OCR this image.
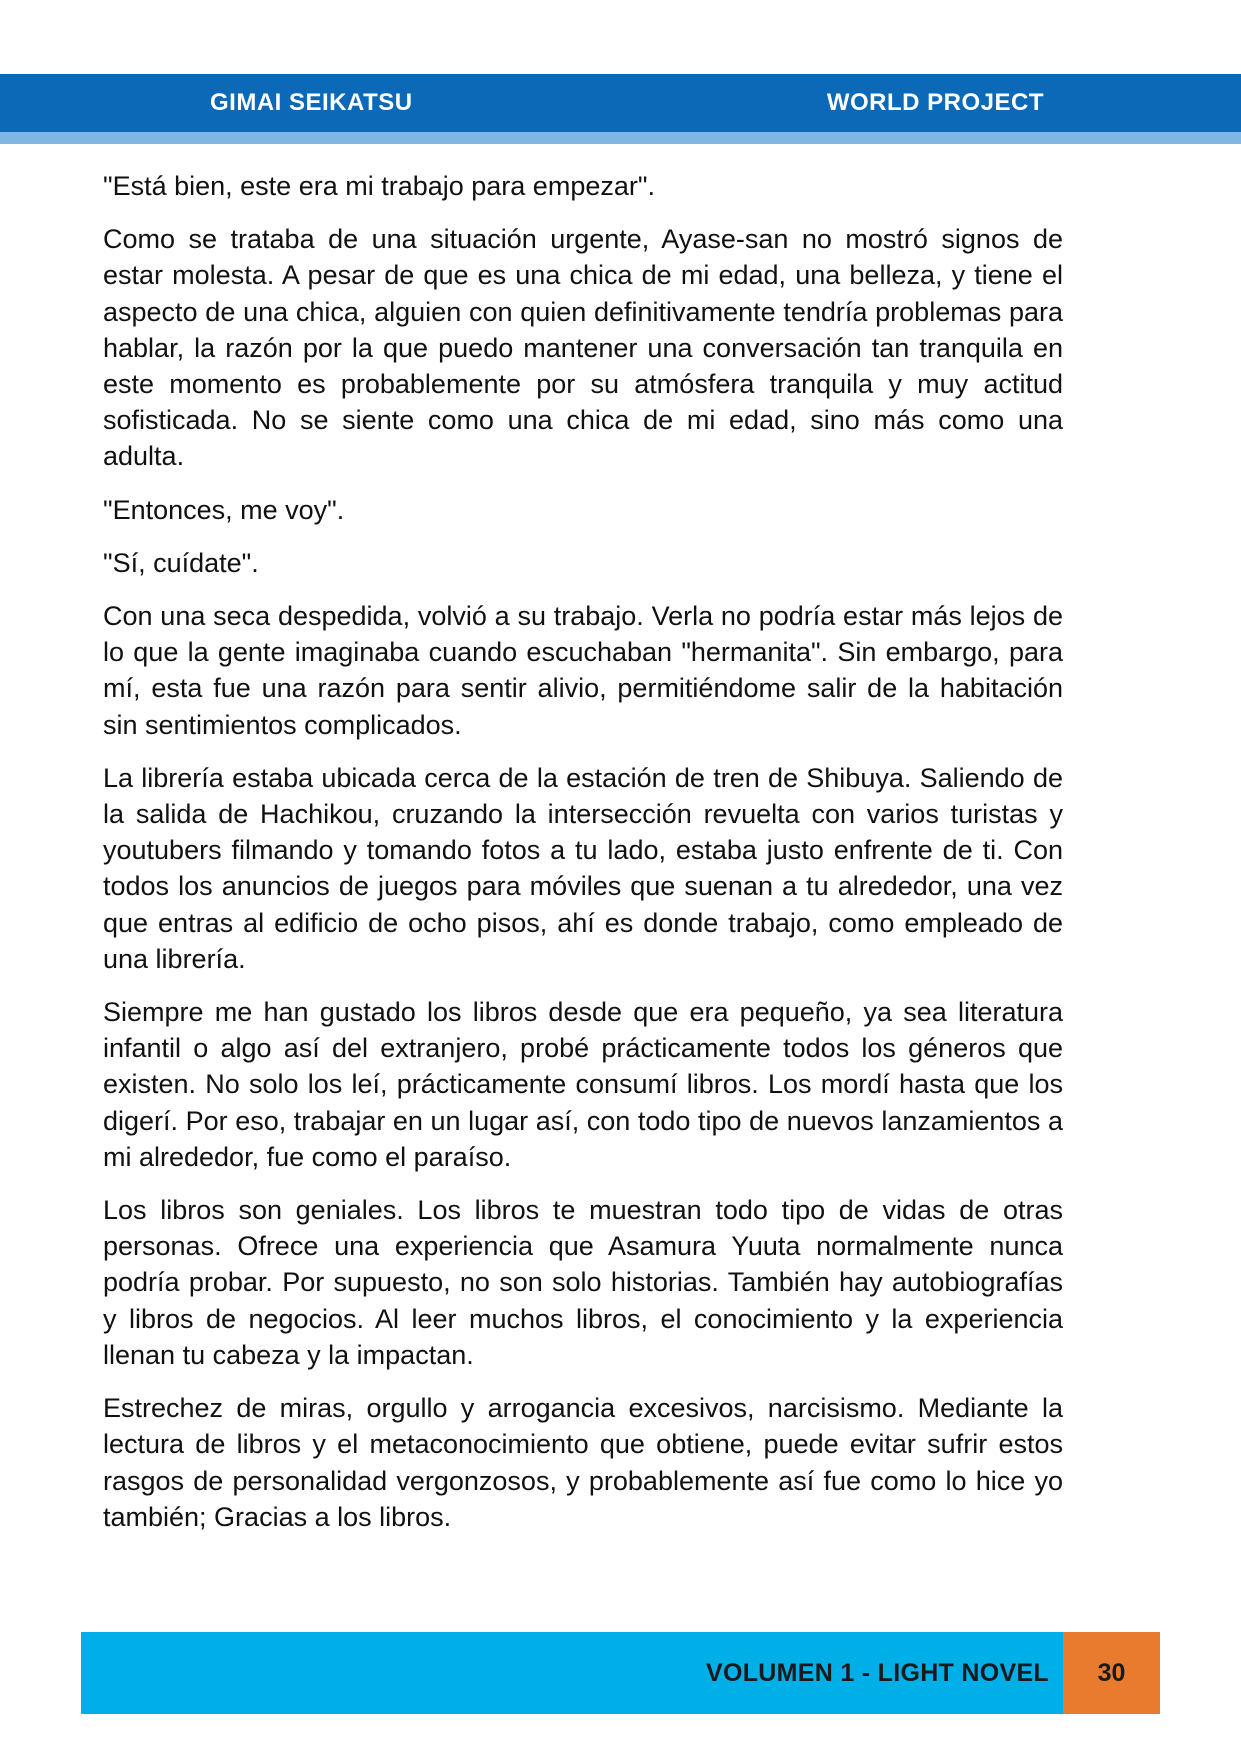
GIMAI SEIKATSU	WORLD PROJECT

"Está bien, este era mi trabajo para empezar".

Como se trataba de una situación urgente, Ayase-san no mostró signos de estar molesta. A pesar de que es una chica de mi edad, una belleza, y tiene el aspecto de una chica, alguien con quien definitivamente tendría problemas para hablar, la razón por la que puedo mantener una conversación tan tranquila en este momento es probablemente por su atmósfera tranquila y muy actitud sofisticada. No se siente como una chica de mi edad, sino más como una adulta.

"Entonces, me voy".

"Sí, cuídate".

Con una seca despedida, volvió a su trabajo. Verla no podría estar más lejos de lo que la gente imaginaba cuando escuchaban "hermanita". Sin embargo, para mí, esta fue una razón para sentir alivio, permitiéndome salir de la habitación sin sentimientos complicados.

La librería estaba ubicada cerca de la estación de tren de Shibuya. Saliendo de la salida de Hachikou, cruzando la intersección revuelta con varios turistas y youtubers filmando y tomando fotos a tu lado, estaba justo enfrente de ti. Con todos los anuncios de juegos para móviles que suenan a tu alrededor, una vez que entras al edificio de ocho pisos, ahí es donde trabajo, como empleado de una librería.

Siempre me han gustado los libros desde que era pequeño, ya sea literatura infantil o algo así del extranjero, probé prácticamente todos los géneros que existen. No solo los leí, prácticamente consumí libros. Los mordí hasta que los digerí. Por eso, trabajar en un lugar así, con todo tipo de nuevos lanzamientos a mi alrededor, fue como el paraíso.

Los libros son geniales. Los libros te muestran todo tipo de vidas de otras personas. Ofrece una experiencia que Asamura Yuuta normalmente nunca podría probar. Por supuesto, no son solo historias. También hay autobiografías y libros de negocios. Al leer muchos libros, el conocimiento y la experiencia llenan tu cabeza y la impactan.

Estrechez de miras, orgullo y arrogancia excesivos, narcisismo. Mediante la lectura de libros y el metaconocimiento que obtiene, puede evitar sufrir estos rasgos de personalidad vergonzosos, y probablemente así fue como lo hice yo también; Gracias a los libros.

VOLUMEN 1 - LIGHT NOVEL	30
